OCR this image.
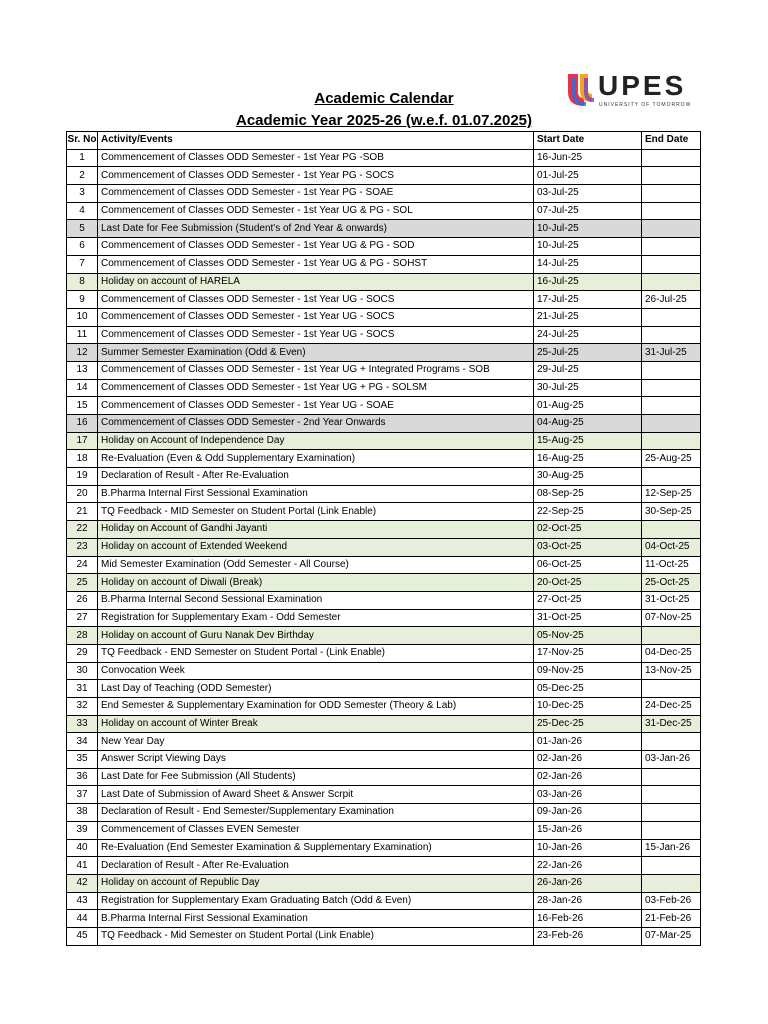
UPES
UNIVERSITY OF TOMORROW
Academic Calendar
Academic Year 2025-26 (w.e.f. 01.07.2025)
Sr. No	Activity/Events	Start Date	End Date
1	Commencement of Classes ODD Semester - 1st Year PG -SOB	16-Jun-25	
2	Commencement of Classes ODD Semester - 1st Year PG - SOCS	01-Jul-25	
3	Commencement of Classes ODD Semester - 1st Year PG - SOAE	03-Jul-25	
4	Commencement of Classes ODD Semester - 1st Year UG & PG - SOL	07-Jul-25	
5	Last Date for Fee Submission (Student's of 2nd Year & onwards)	10-Jul-25	
6	Commencement of Classes ODD Semester - 1st Year UG & PG - SOD	10-Jul-25	
7	Commencement of Classes ODD Semester - 1st Year UG & PG - SOHST	14-Jul-25	
8	Holiday on account of HARELA	16-Jul-25	
9	Commencement of Classes ODD Semester - 1st Year UG - SOCS	17-Jul-25	26-Jul-25
10	Commencement of Classes ODD Semester - 1st Year UG - SOCS	21-Jul-25	
11	Commencement of Classes ODD Semester - 1st Year UG - SOCS	24-Jul-25	
12	Summer Semester Examination (Odd & Even)	25-Jul-25	31-Jul-25
13	Commencement of Classes ODD Semester - 1st Year UG + Integrated Programs - SOB	29-Jul-25	
14	Commencement of Classes ODD Semester - 1st Year UG + PG - SOLSM	30-Jul-25	
15	Commencement of Classes ODD Semester - 1st Year UG - SOAE	01-Aug-25	
16	Commencement of Classes ODD Semester - 2nd Year Onwards	04-Aug-25	
17	Holiday on Account of Independence Day	15-Aug-25	
18	Re-Evaluation (Even & Odd Supplementary Examination)	16-Aug-25	25-Aug-25
19	Declaration of Result - After Re-Evaluation	30-Aug-25	
20	B.Pharma Internal First Sessional Examination	08-Sep-25	12-Sep-25
21	TQ Feedback - MID Semester on Student Portal (Link Enable)	22-Sep-25	30-Sep-25
22	Holiday on Account of Gandhi Jayanti	02-Oct-25	
23	Holiday on account of Extended Weekend	03-Oct-25	04-Oct-25
24	Mid Semester Examination (Odd Semester - All Course)	06-Oct-25	11-Oct-25
25	Holiday on account of Diwali (Break)	20-Oct-25	25-Oct-25
26	B.Pharma Internal Second Sessional Examination	27-Oct-25	31-Oct-25
27	Registration for Supplementary Exam - Odd Semester	31-Oct-25	07-Nov-25
28	Holiday on account of Guru Nanak Dev Birthday	05-Nov-25	
29	TQ Feedback - END Semester on Student Portal - (Link Enable)	17-Nov-25	04-Dec-25
30	Convocation Week	09-Nov-25	13-Nov-25
31	Last Day of Teaching (ODD Semester)	05-Dec-25	
32	End Semester & Supplementary Examination for ODD Semester (Theory & Lab)	10-Dec-25	24-Dec-25
33	Holiday on account of Winter Break	25-Dec-25	31-Dec-25
34	New Year Day	01-Jan-26	
35	Answer Script Viewing Days	02-Jan-26	03-Jan-26
36	Last Date for Fee Submission (All Students)	02-Jan-26	
37	Last Date of Submission of Award Sheet & Answer Scrpit	03-Jan-26	
38	Declaration of Result - End Semester/Supplementary Examination	09-Jan-26	
39	Commencement of Classes EVEN Semester	15-Jan-26	
40	Re-Evaluation (End Semester Examination & Supplementary Examination)	10-Jan-26	15-Jan-26
41	Declaration of Result - After Re-Evaluation	22-Jan-26	
42	Holiday on account of Republic Day	26-Jan-26	
43	Registration for Supplementary Exam Graduating Batch (Odd & Even)	28-Jan-26	03-Feb-26
44	B.Pharma Internal First Sessional Examination	16-Feb-26	21-Feb-26
45	TQ Feedback - Mid Semester on Student Portal (Link Enable)	23-Feb-26	07-Mar-25
